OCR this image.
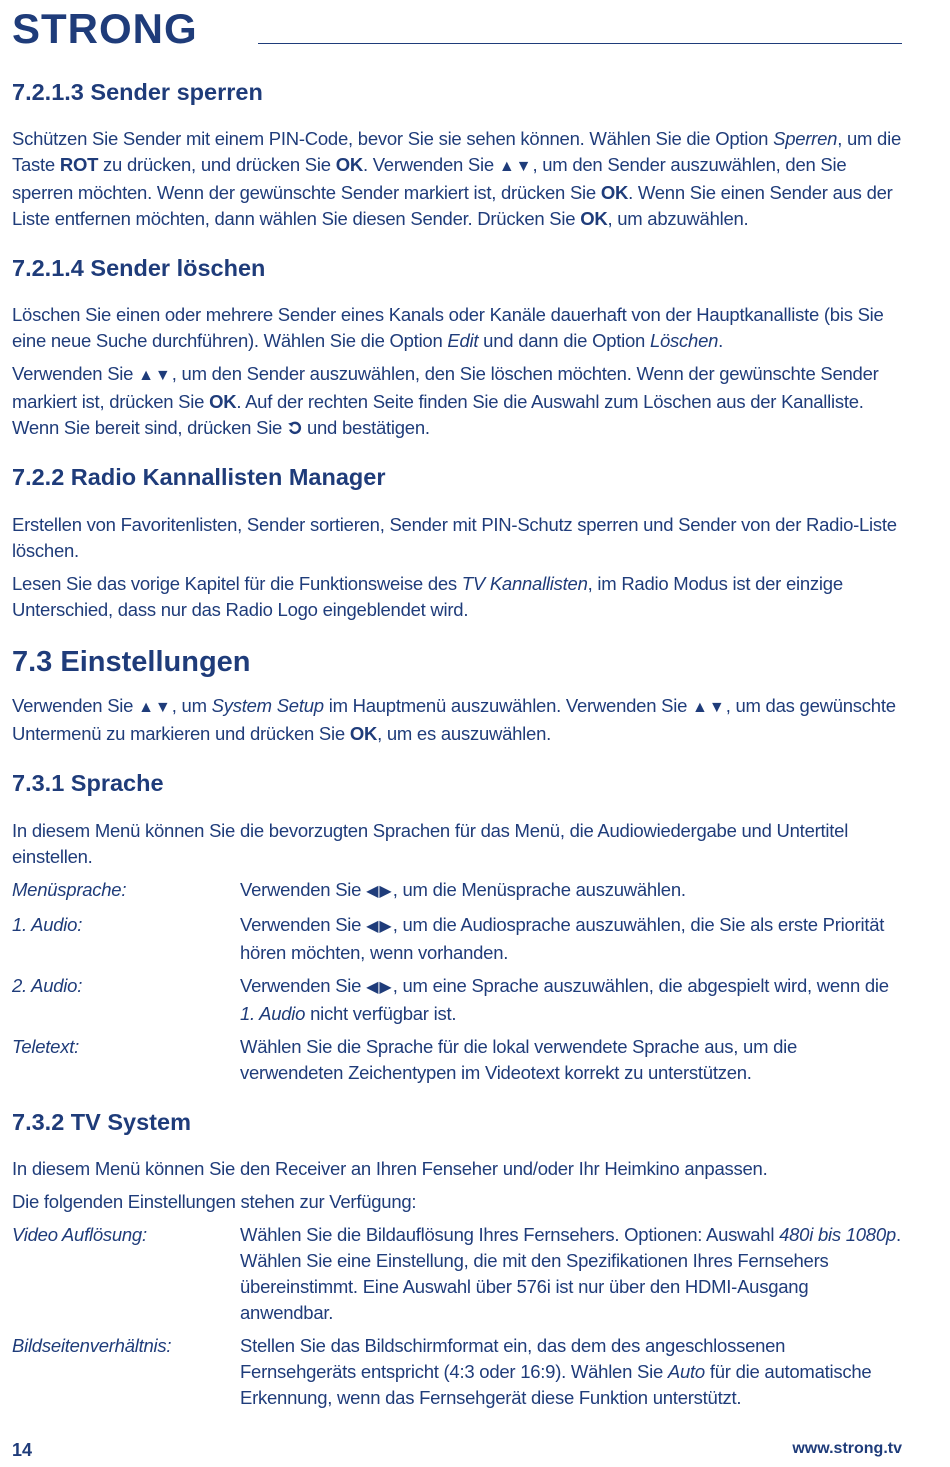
STRONG
7.2.1.3 Sender sperren

Schützen Sie Sender mit einem PIN-Code, bevor Sie sie sehen können. Wählen Sie die Option Sperren, um die Taste ROT zu drücken, und drücken Sie OK. Verwenden Sie ▲▼, um den Sender auszuwählen, den Sie sperren möchten. Wenn der gewünschte Sender markiert ist, drücken Sie OK. Wenn Sie einen Sender aus der Liste entfernen möchten, dann wählen Sie diesen Sender. Drücken Sie OK, um abzuwählen.

7.2.1.4 Sender löschen

Löschen Sie einen oder mehrere Sender eines Kanals oder Kanäle dauerhaft von der Hauptkanalliste (bis Sie eine neue Suche durchführen). Wählen Sie die Option Edit und dann die Option Löschen.

Verwenden Sie ▲▼, um den Sender auszuwählen, den Sie löschen möchten. Wenn der gewünschte Sender markiert ist, drücken Sie OK. Auf der rechten Seite finden Sie die Auswahl zum Löschen aus der Kanalliste. Wenn Sie bereit sind, drücken Sie und bestätigen.

7.2.2 Radio Kannallisten Manager

Erstellen von Favoritenlisten, Sender sortieren, Sender mit PIN-Schutz sperren und Sender von der Radio-Liste löschen.

Lesen Sie das vorige Kapitel für die Funktionsweise des TV Kannallisten, im Radio Modus ist der einzige Unterschied, dass nur das Radio Logo eingeblendet wird.

7.3 Einstellungen

Verwenden Sie ▲▼, um System Setup im Hauptmenü auszuwählen. Verwenden Sie ▲▼, um das gewünschte Untermenü zu markieren und drücken Sie OK, um es auszuwählen.

7.3.1 Sprache

In diesem Menü können Sie die bevorzugten Sprachen für das Menü, die Audiowiedergabe und Untertitel einstellen.

Menüsprache:	Verwenden Sie ◀▶, um die Menüsprache auszuwählen.
1. Audio:	Verwenden Sie ◀▶, um die Audiosprache auszuwählen, die Sie als erste Priorität hören möchten, wenn vorhanden.
2. Audio:	Verwenden Sie ◀▶, um eine Sprache auszuwählen, die abgespielt wird, wenn die 1. Audio nicht verfügbar ist.
Teletext:	Wählen Sie die Sprache für die lokal verwendete Sprache aus, um die verwendeten Zeichentypen im Videotext korrekt zu unterstützen.
7.3.2 TV System

In diesem Menü können Sie den Receiver an Ihren Fenseher und/oder Ihr Heimkino anpassen.

Die folgenden Einstellungen stehen zur Verfügung:

Video Auflösung:	Wählen Sie die Bildauflösung Ihres Fernsehers. Optionen: Auswahl 480i bis 1080p. Wählen Sie eine Einstellung, die mit den Spezifikationen Ihres Fernsehers übereinstimmt. Eine Auswahl über 576i ist nur über den HDMI-Ausgang anwendbar.
Bildseitenverhältnis:	Stellen Sie das Bildschirmformat ein, das dem des angeschlossenen Fernsehgeräts entspricht (4:3 oder 16:9). Wählen Sie Auto für die automatische Erkennung, wenn das Fernsehgerät diese Funktion unterstützt.
14	www.strong.tv
